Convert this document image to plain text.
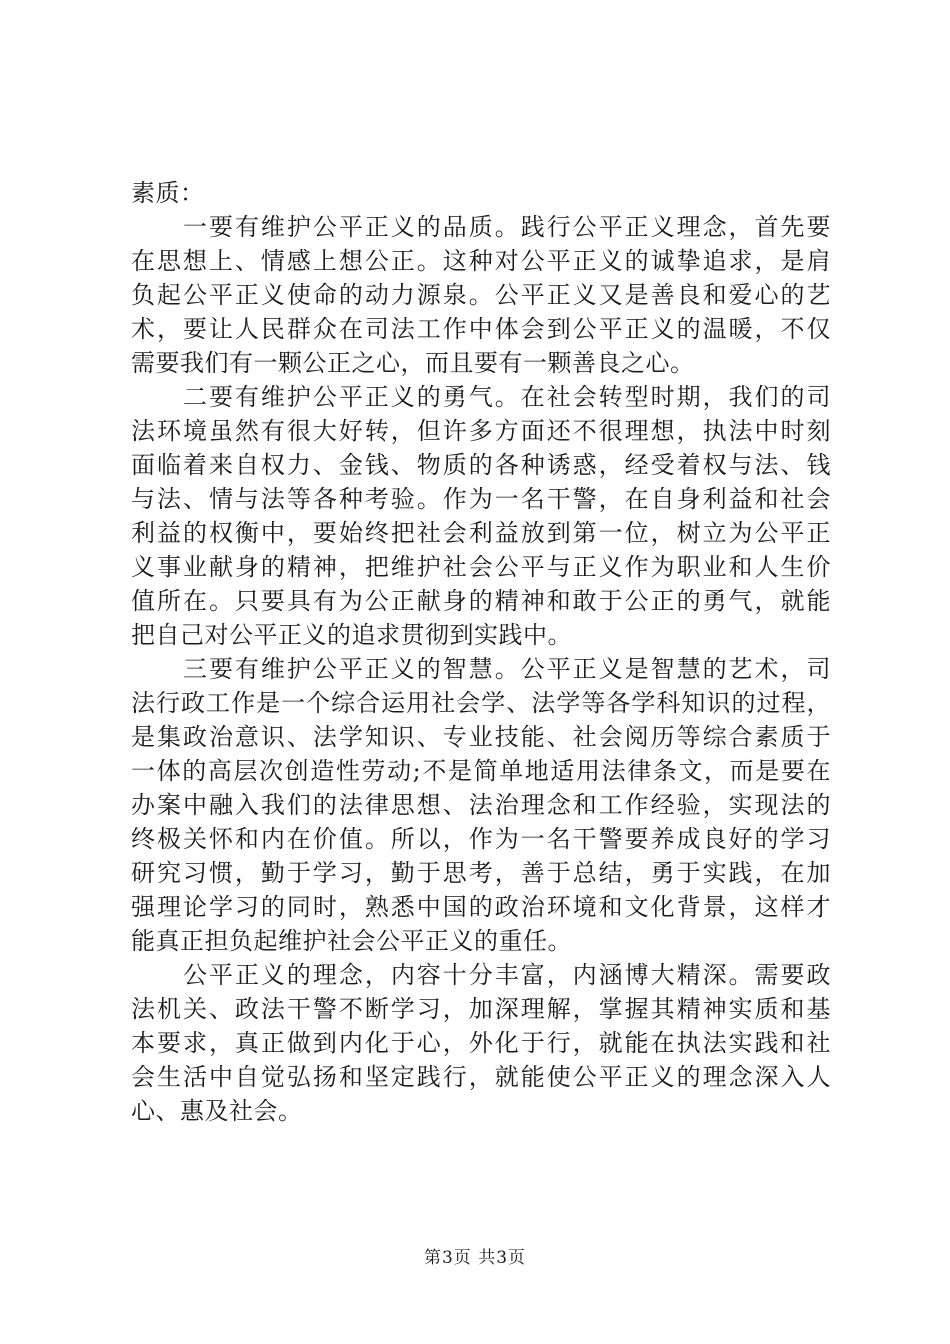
素质：
一要有维护公平正义的品质。践行公平正义理念，首先要
在思想上、情感上想公正。这种对公平正义的诚挚追求，是肩
负起公平正义使命的动力源泉。公平正义又是善良和爱心的艺
术，要让人民群众在司法工作中体会到公平正义的温暖，不仅
需要我们有一颗公正之心，而且要有一颗善良之心。
二要有维护公平正义的勇气。在社会转型时期，我们的司
法环境虽然有很大好转，但许多方面还不很理想，执法中时刻
面临着来自权力、金钱、物质的各种诱惑，经受着权与法、钱
与法、情与法等各种考验。作为一名干警，在自身利益和社会
利益的权衡中，要始终把社会利益放到第一位，树立为公平正
义事业献身的精神，把维护社会公平与正义作为职业和人生价
值所在。只要具有为公正献身的精神和敢于公正的勇气，就能
把自己对公平正义的追求贯彻到实践中。
三要有维护公平正义的智慧。公平正义是智慧的艺术，司
法行政工作是一个综合运用社会学、法学等各学科知识的过程，
是集政治意识、法学知识、专业技能、社会阅历等综合素质于
一体的高层次创造性劳动;不是简单地适用法律条文，而是要在
办案中融入我们的法律思想、法治理念和工作经验，实现法的
终极关怀和内在价值。所以，作为一名干警要养成良好的学习
研究习惯，勤于学习，勤于思考，善于总结，勇于实践，在加
强理论学习的同时，熟悉中国的政治环境和文化背景，这样才
能真正担负起维护社会公平正义的重任。
公平正义的理念，内容十分丰富，内涵博大精深。需要政
法机关、政法干警不断学习，加深理解，掌握其精神实质和基
本要求，真正做到内化于心，外化于行，就能在执法实践和社
会生活中自觉弘扬和坚定践行，就能使公平正义的理念深入人
心、惠及社会。
第3页 共3页
